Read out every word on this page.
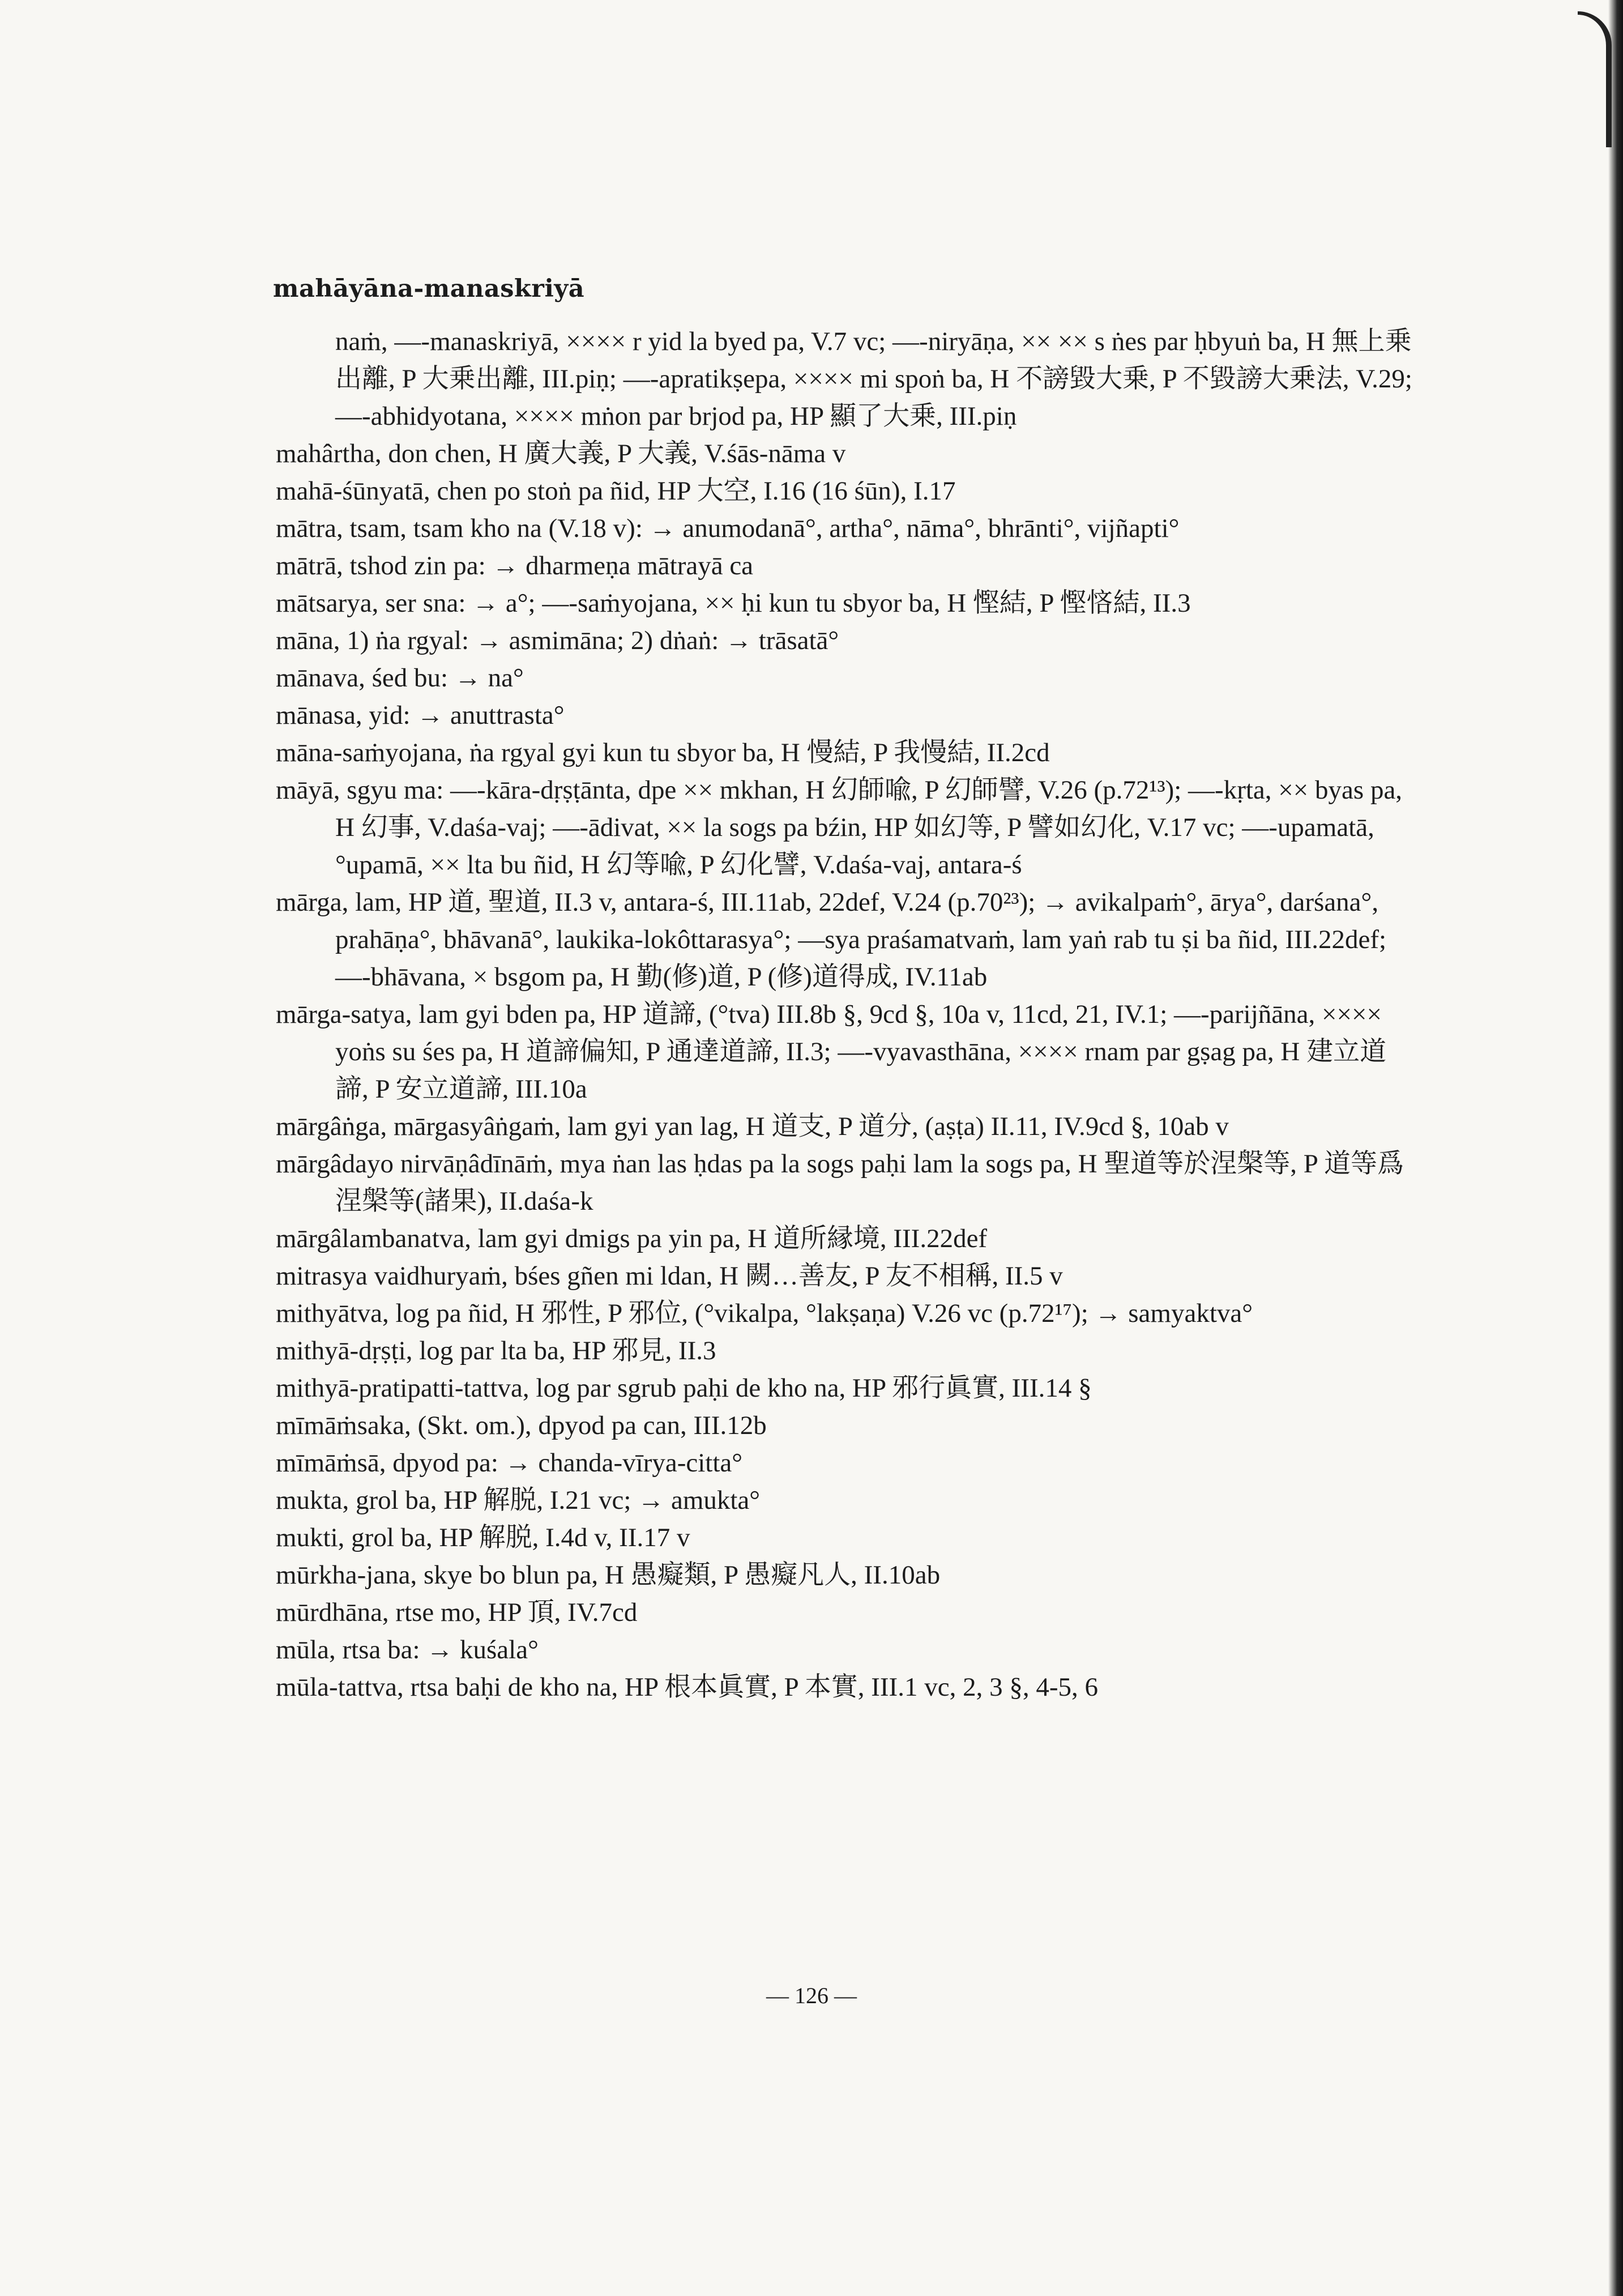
mahāyāna-manaskriyā
naṁ, —-manaskriyā, ×××× r yid la byed pa, V.7 vc; —-niryāṇa, ×× ×× s ṅes par ḥbyuṅ ba, H 無上乗出離, P 大乗出離, III.piṇ; —-apratikṣepa, ×××× mi spoṅ ba, H 不謗毀大乗, P 不毀謗大乗法, V.29; —-abhidyotana, ×××× mṅon par brjod pa, HP 顯了大乗, III.piṇ
mahârtha, don chen, H 廣大義, P 大義, V.śās-nāma v
mahā-śūnyatā, chen po stoṅ pa ñid, HP 大空, I.16 (16 śūn), I.17
mātra, tsam, tsam kho na (V.18 v): → anumodanā°, artha°, nāma°, bhrānti°, vijñapti°
mātrā, tshod zin pa: → dharmeṇa mātrayā ca
mātsarya, ser sna: → a°; —-saṁyojana, ×× ḥi kun tu sbyor ba, H 慳結, P 慳悋結, II.3
māna, 1) ṅa rgyal: → asmimāna; 2) dṅaṅ: → trāsatā°
mānava, śed bu: → na°
mānasa, yid: → anuttrasta°
māna-saṁyojana, ṅa rgyal gyi kun tu sbyor ba, H 慢結, P 我慢結, II.2cd
māyā, sgyu ma: —-kāra-dṛṣṭānta, dpe ×× mkhan, H 幻師喩, P 幻師譬, V.26 (p.72¹³); —-kṛta, ×× byas pa, H 幻事, V.daśa-vaj; —-ādivat, ×× la sogs pa bźin, HP 如幻等, P 譬如幻化, V.17 vc; —-upamatā, °upamā, ×× lta bu ñid, H 幻等喩, P 幻化譬, V.daśa-vaj, antara-ś
mārga, lam, HP 道, 聖道, II.3 v, antara-ś, III.11ab, 22def, V.24 (p.70²³); → avikalpaṁ°, ārya°, darśana°, prahāṇa°, bhāvanā°, laukika-lokôttarasya°; —sya praśamatvaṁ, lam yaṅ rab tu ṣi ba ñid, III.22def; —-bhāvana, × bsgom pa, H 勤(修)道, P (修)道得成, IV.11ab
mārga-satya, lam gyi bden pa, HP 道諦, (°tva) III.8b §, 9cd §, 10a v, 11cd, 21, IV.1; —-parijñāna, ×××× yoṅs su śes pa, H 道諦偏知, P 通達道諦, II.3; —-vyavasthāna, ×××× rnam par gṣag pa, H 建立道諦, P 安立道諦, III.10a
mārgâṅga, mārgasyâṅgaṁ, lam gyi yan lag, H 道支, P 道分, (aṣṭa) II.11, IV.9cd §, 10ab v
mārgâdayo nirvāṇâdīnāṁ, mya ṅan las ḥdas pa la sogs paḥi lam la sogs pa, H 聖道等於涅槃等, P 道等爲涅槃等(諸果), II.daśa-k
mārgâlambanatva, lam gyi dmigs pa yin pa, H 道所縁境, III.22def
mitrasya vaidhuryaṁ, bśes gñen mi ldan, H 闕…善友, P 友不相稱, II.5 v
mithyātva, log pa ñid, H 邪性, P 邪位, (°vikalpa, °lakṣaṇa) V.26 vc (p.72¹⁷); → samyaktva°
mithyā-dṛṣṭi, log par lta ba, HP 邪見, II.3
mithyā-pratipatti-tattva, log par sgrub paḥi de kho na, HP 邪行眞實, III.14 §
mīmāṁsaka, (Skt. om.), dpyod pa can, III.12b
mīmāṁsā, dpyod pa: → chanda-vīrya-citta°
mukta, grol ba, HP 解脱, I.21 vc; → amukta°
mukti, grol ba, HP 解脱, I.4d v, II.17 v
mūrkha-jana, skye bo blun pa, H 愚癡類, P 愚癡凡人, II.10ab
mūrdhāna, rtse mo, HP 頂, IV.7cd
mūla, rtsa ba: → kuśala°
mūla-tattva, rtsa baḥi de kho na, HP 根本眞實, P 本實, III.1 vc, 2, 3 §, 4-5, 6
— 126 —
